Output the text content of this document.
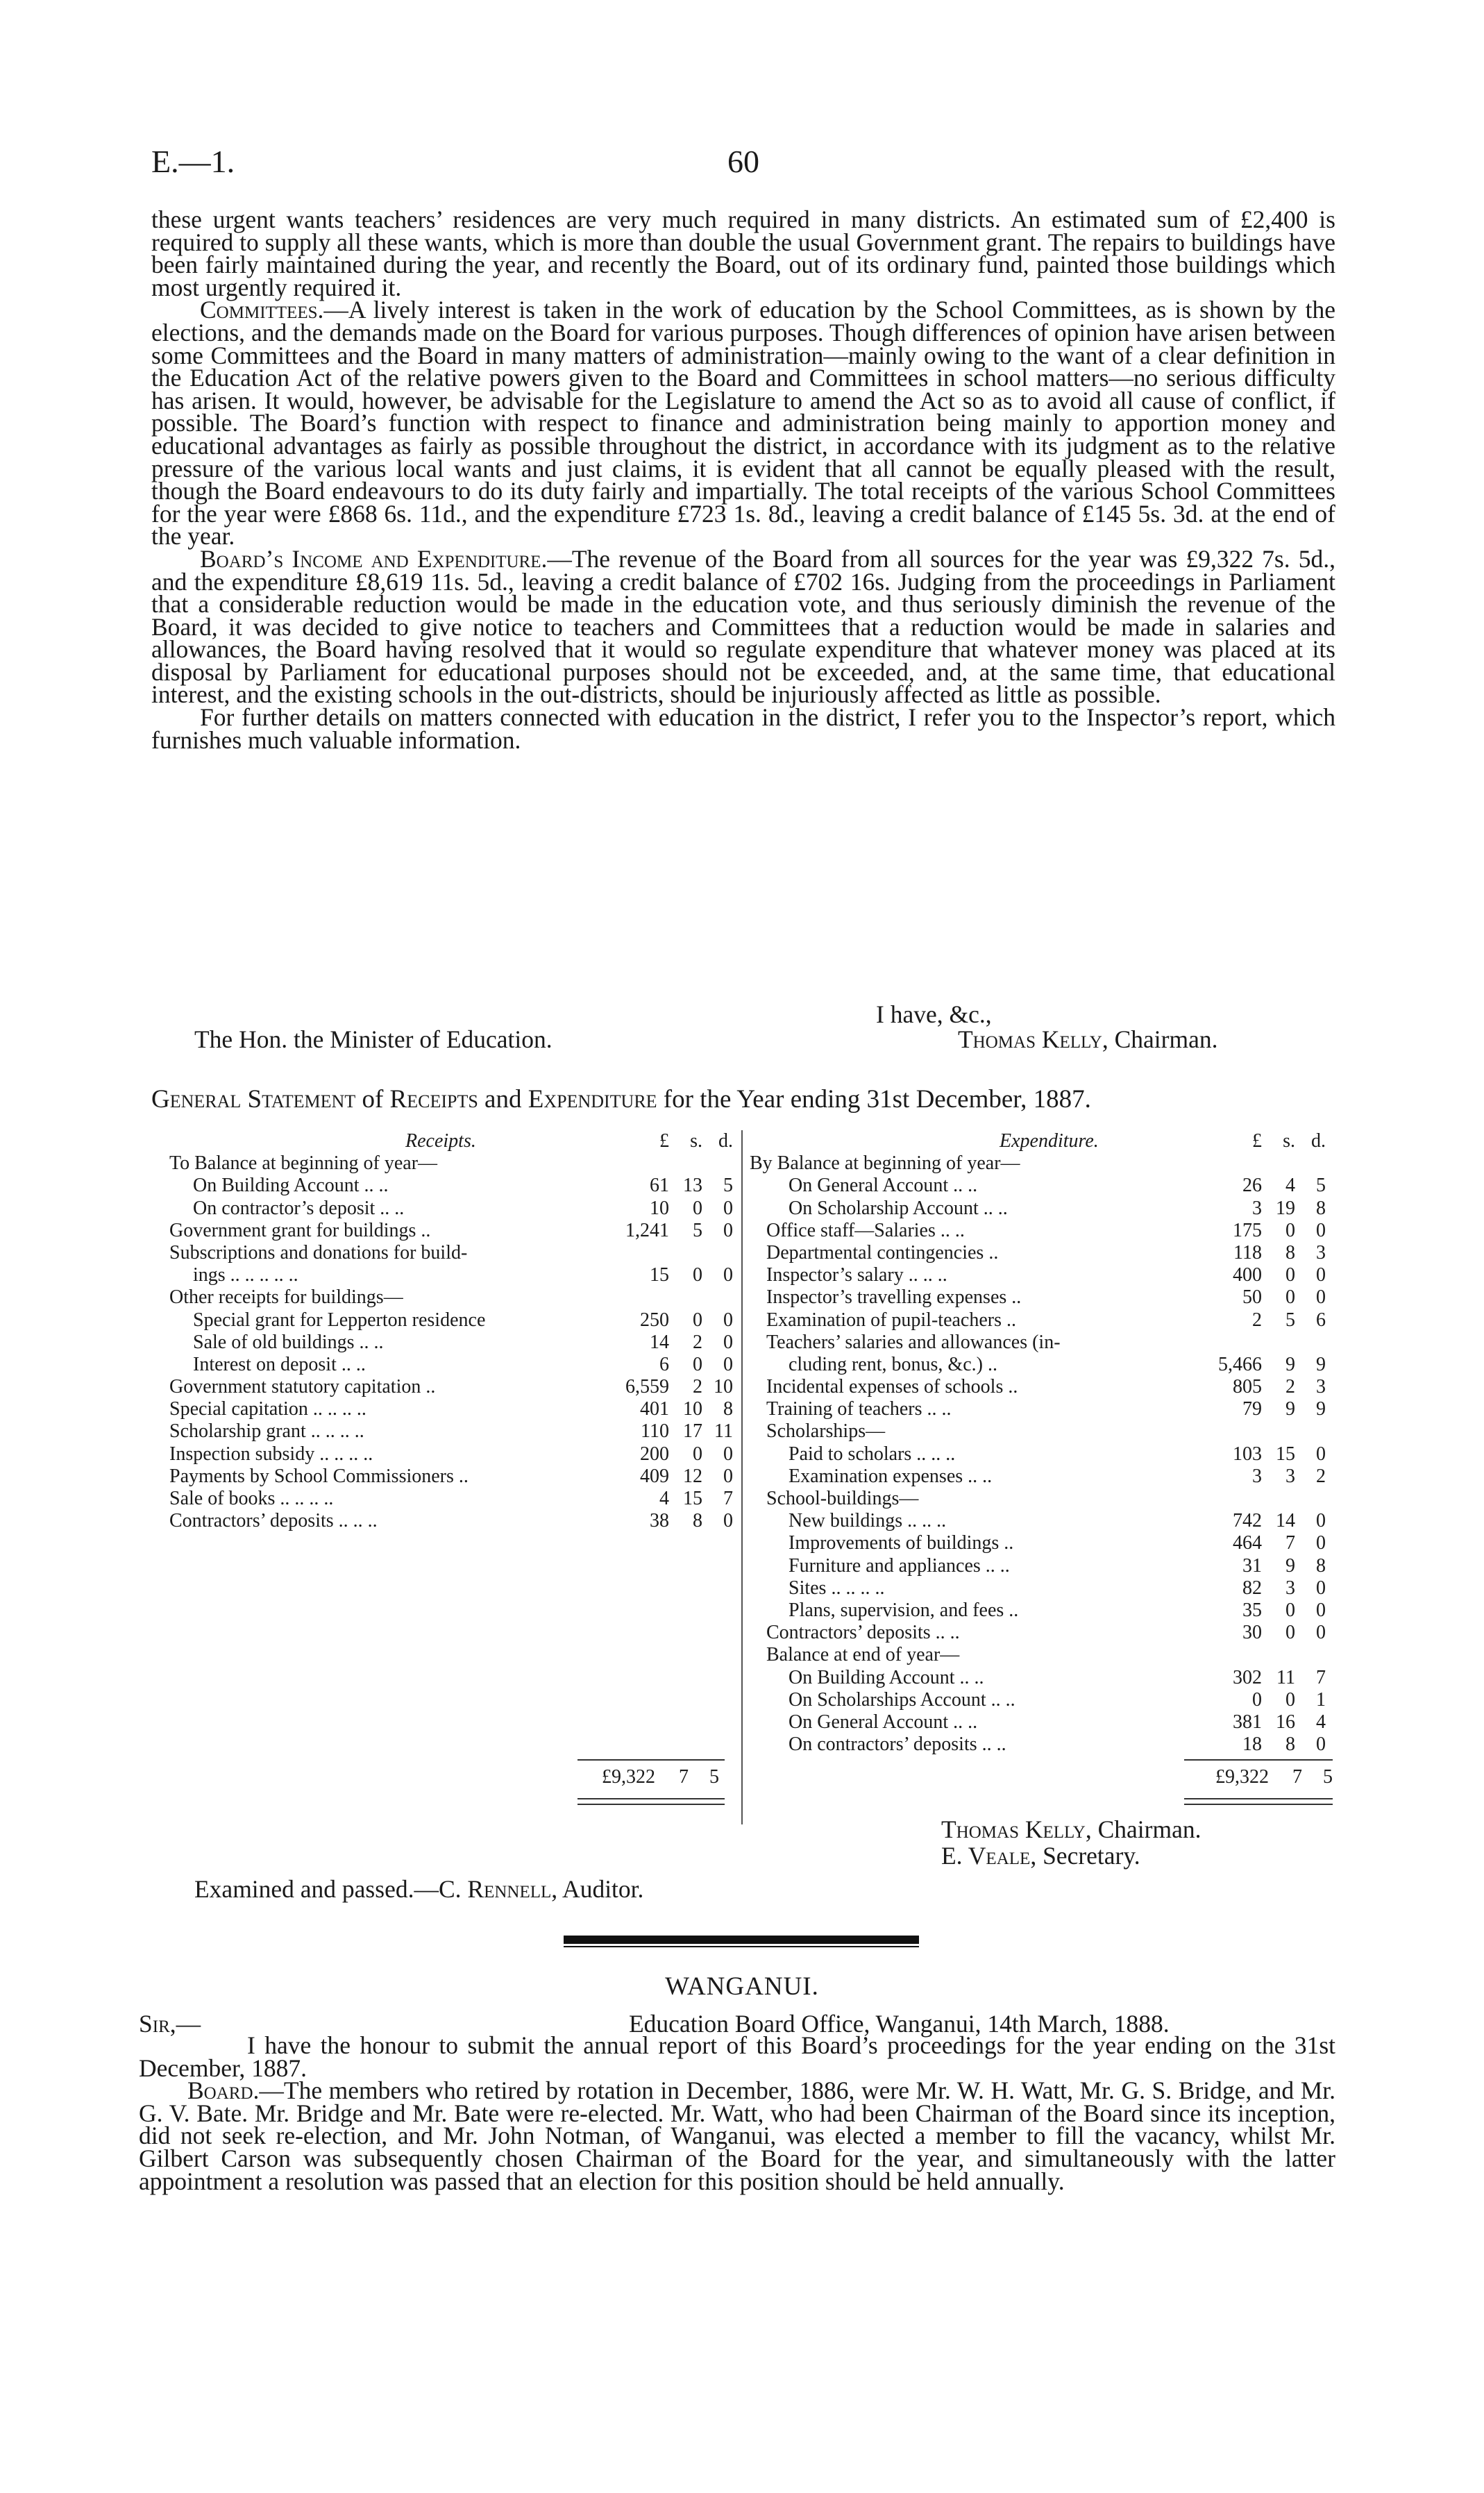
E.—1.	60

these urgent wants teachers’ residences are very much required in many districts. An estimated sum of £2,400 is required to supply all these wants, which is more than double the usual Government grant. The repairs to buildings have been fairly maintained during the year, and recently the Board, out of its ordinary fund, painted those buildings which most urgently required it.

Committees.—A lively interest is taken in the work of education by the School Committees, as is shown by the elections, and the demands made on the Board for various purposes. Though differences of opinion have arisen between some Committees and the Board in many matters of administration—mainly owing to the want of a clear definition in the Education Act of the relative powers given to the Board and Committees in school matters—no serious difficulty has arisen. It would, however, be advisable for the Legislature to amend the Act so as to avoid all cause of conflict, if possible. The Board’s function with respect to finance and administration being mainly to apportion money and educational advantages as fairly as possible throughout the district, in accordance with its judgment as to the relative pressure of the various local wants and just claims, it is evident that all cannot be equally pleased with the result, though the Board endeavours to do its duty fairly and impartially. The total receipts of the various School Committees for the year were £868 6s. 11d., and the expenditure £723 1s. 8d., leaving a credit balance of £145 5s. 3d. at the end of the year.

Board’s Income and Expenditure.—The revenue of the Board from all sources for the year was £9,322 7s. 5d., and the expenditure £8,619 11s. 5d., leaving a credit balance of £702 16s. Judging from the proceedings in Parliament that a considerable reduction would be made in the education vote, and thus seriously diminish the revenue of the Board, it was decided to give notice to teachers and Committees that a reduction would be made in salaries and allowances, the Board having resolved that it would so regulate expenditure that whatever money was placed at its disposal by Parliament for educational purposes should not be exceeded, and, at the same time, that educational interest, and the existing schools in the out-districts, should be injuriously affected as little as possible.

For further details on matters connected with education in the district, I refer you to the Inspector’s report, which furnishes much valuable information.

I have, &c.,
The Hon. the Minister of Education.	Thomas Kelly, Chairman.
General Statement of Receipts and Expenditure for the Year ending 31st December, 1887.
Receipts.	£	s. d.
To Balance at beginning of year—
On Building Account .. ..	61 13	5
On contractor’s deposit .. ..	10	0	0
Government grant for buildings ..	1,241	5	0
Subscriptions and donations for build-
ings .. .. .. .. ..	15	0	0
Other receipts for buildings—
Special grant for Lepperton residence	250	0	0
Sale of old buildings .. ..	14	2	0
Interest on deposit .. ..	6	0	0
Government statutory capitation ..	6,559	2 10
Special capitation .. .. .. ..	401 10	8
Scholarship grant .. .. .. ..	110 17 11
Inspection subsidy .. .. .. ..	200	0	0
Payments by School Commissioners ..	409 12	0
Sale of books .. .. .. ..	4 15	7
Contractors’ deposits .. .. ..	38	8	0
Expenditure.	£	s. d.
By Balance at beginning of year—
On General Account .. ..	26	4	5
On Scholarship Account .. ..	3 19	8
Office staff—Salaries .. ..	175	0	0
Departmental contingencies ..	118	8	3
Inspector’s salary .. .. ..	400	0	0
Inspector’s travelling expenses ..	50	0	0
Examination of pupil-teachers ..	2	5	6
Teachers’ salaries and allowances (in-
cluding rent, bonus, &c.) ..	5,466	9	9
Incidental expenses of schools ..	805	2	3
Training of teachers .. ..	79	9	9
Scholarships—
Paid to scholars .. .. ..	103 15	0
Examination expenses .. ..	3	3	2
School-buildings—
New buildings .. .. ..	742 14	0
Improvements of buildings ..	464	7	0
Furniture and appliances .. ..	31	9	8
Sites .. .. .. ..	82	3	0
Plans, supervision, and fees ..	35	0	0
Contractors’ deposits .. ..	30	0	0
Balance at end of year—
On Building Account .. ..	302 11	7
On Scholarships Account .. ..	0	0	1
On General Account .. ..	381 16	4
On contractors’ deposits .. ..	18	8	0
£9,322	7	5	£9,322	7	5
Thomas Kelly, Chairman.
E. Veale, Secretary.
Examined and passed.—C. Rennell, Auditor.
WANGANUI.
Sir,—	Education Board Office, Wanganui, 14th March, 1888.

I have the honour to submit the annual report of this Board’s proceedings for the year ending on the 31st December, 1887.

Board.—The members who retired by rotation in December, 1886, were Mr. W. H. Watt, Mr. G. S. Bridge, and Mr. G. V. Bate. Mr. Bridge and Mr. Bate were re-elected. Mr. Watt, who had been Chairman of the Board since its inception, did not seek re-election, and Mr. John Notman, of Wanganui, was elected a member to fill the vacancy, whilst Mr. Gilbert Carson was subsequently chosen Chairman of the Board for the year, and simultaneously with the latter appointment a resolution was passed that an election for this position should be held annually.
